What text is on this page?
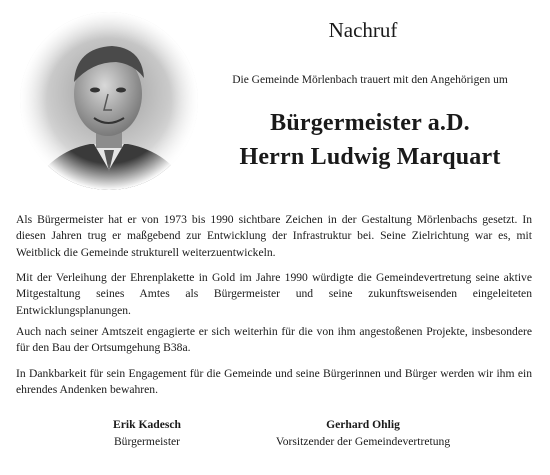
Nachruf
Die Gemeinde Mörlenbach trauert mit den Angehörigen um
Bürgermeister a.D.
Herrn Ludwig Marquart

Als Bürgermeister hat er von 1973 bis 1990 sichtbare Zeichen in der Gestaltung Mörlenbachs gesetzt. In diesen Jahren trug er maßgebend zur Entwicklung der Infrastruktur bei. Seine Zielrichtung war es, mit Weitblick die Gemeinde strukturell weiterzuentwickeln.

Mit der Verleihung der Ehrenplakette in Gold im Jahre 1990 würdigte die Gemeindevertretung seine aktive Mitgestaltung seines Amtes als Bürgermeister und seine zukunftsweisenden eingeleiteten Entwicklungsplanungen.

Auch nach seiner Amtszeit engagierte er sich weiterhin für die von ihm angestoßenen Projekte, insbesondere für den Bau der Ortsumgehung B38a.

In Dankbarkeit für sein Engagement für die Gemeinde und seine Bürgerinnen und Bürger werden wir ihm ein ehrendes Andenken bewahren.

Erik Kadesch
Bürgermeister
Gerhard Ohlig
Vorsitzender der Gemeindevertretung
